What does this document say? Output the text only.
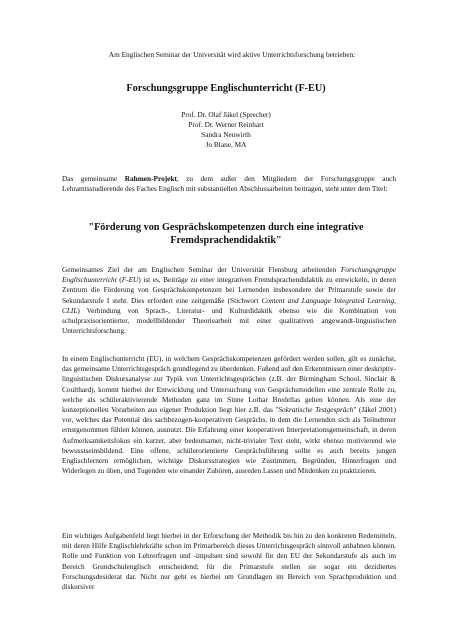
Am Englischen Seminar der Universität wird aktive Unterrichtsforschung betrieben:
Forschungsgruppe Englischunterricht (F-EU)
Prof. Dr. Olaf Jäkel (Sprecher)
Prof. Dr. Werner Reinhart
Sandra Neuwirth
Jo Blane, MA
Das gemeinsame Rahmen-Projekt, zu dem außer den Mitgliedern der Forschungsgruppe auch Lehramtsstudierende des Faches Englisch mit substantiellen Abschlussarbeiten beitragen, steht unter dem Titel:
"Förderung von Gesprächskompetenzen durch eine integrative Fremdsprachendidaktik"
Gemeinsames Ziel der am Englischen Seminar der Universität Flensburg arbeitenden Forschungsgruppe Englischunterricht (F-EU) ist es, Beiträge zu einer integrativen Fremdsprachendidaktik zu entwickeln, in deren Zentrum die Förderung von Gesprächskompetenzen bei Lernenden insbesondere der Primarstufe sowie der Sekundarstufe I steht. Dies erfordert eine zeitgemäße (Stichwort Content and Language Integrated Learning, CLIL) Verbindung von Sprach-, Literatur- und Kulturdidaktik ebenso wie die Kombination von schulpraxisorientierter, modellbildender Theoriearbeit mit einer qualitativen angewandt-linguistischen Unterrichtsforschung.
In einem Englischunterricht (EU), in welchem Gesprächskompetenzen gefördert werden sollen, gilt es zunächst, das gemeinsame Unterrichtsgespräch grundlegend zu überdenken. Fußend auf den Erkenntnissen einer deskriptiv-linguistischen Diskursanalyse zur Typik von Unterrichtsgesprächen (z.B. der Birmingham School, Sinclair & Coulthard), kommt hierbei der Entwicklung und Untersuchung von Gesprächsmodellen eine zentrale Rolle zu, welche als schüleraktivierende Methoden ganz im Sinne Lothar Bredellas gelten können. Als eine der konzeptionellen Vorarbeiten aus eigener Produktion liegt hier z.B. das "Sokratische Testgespräch" (Jäkel 2001) vor, welches das Potential des sachbezogen-kooperativen Gesprächs, in dem die Lernenden sich als Teilnehmer ernstgenommen fühlen können, ausnutzt. Die Erfahrung einer kooperativen Interpretationsgemeinschaft, in deren Aufmerksamkeitsfokus ein kurzer, aber bedeutsamer, nicht-trivialer Text steht, wirkt ebenso motivierend wie bewusstseinsbildend. Eine offene, schülerorientierte Gesprächsführung sollte es auch bereits jungen Englischlernern ermöglichen, wichtige Diskursstrategien wie Zustimmen, Begründen, Hinterfragen und Widerlegen zu üben, und Tugenden wie einander Zuhören, ausreden Lassen und Mitdenken zu praktizieren.
Ein wichtiges Aufgabenfeld liegt hierbei in der Erforschung der Methodik bis hin zu den konkreten Redemitteln, mit deren Hilfe Englischlehrkräfte schon im Primarbereich dieses Unterrichtsgespräch sinnvoll anbahnen können. Rolle und Funktion von Lehrerfragen und -impulsen sind sowohl für den EU der Sekundarstufe als auch im Bereich Grundschulenglisch entscheidend; für die Primarstufe stellen sie sogar ein dezidiertes Forschungsdesiderat dar. Nicht nur geht es hierbei um Grundlagen im Bereich von Sprachproduktion und diskursiver
